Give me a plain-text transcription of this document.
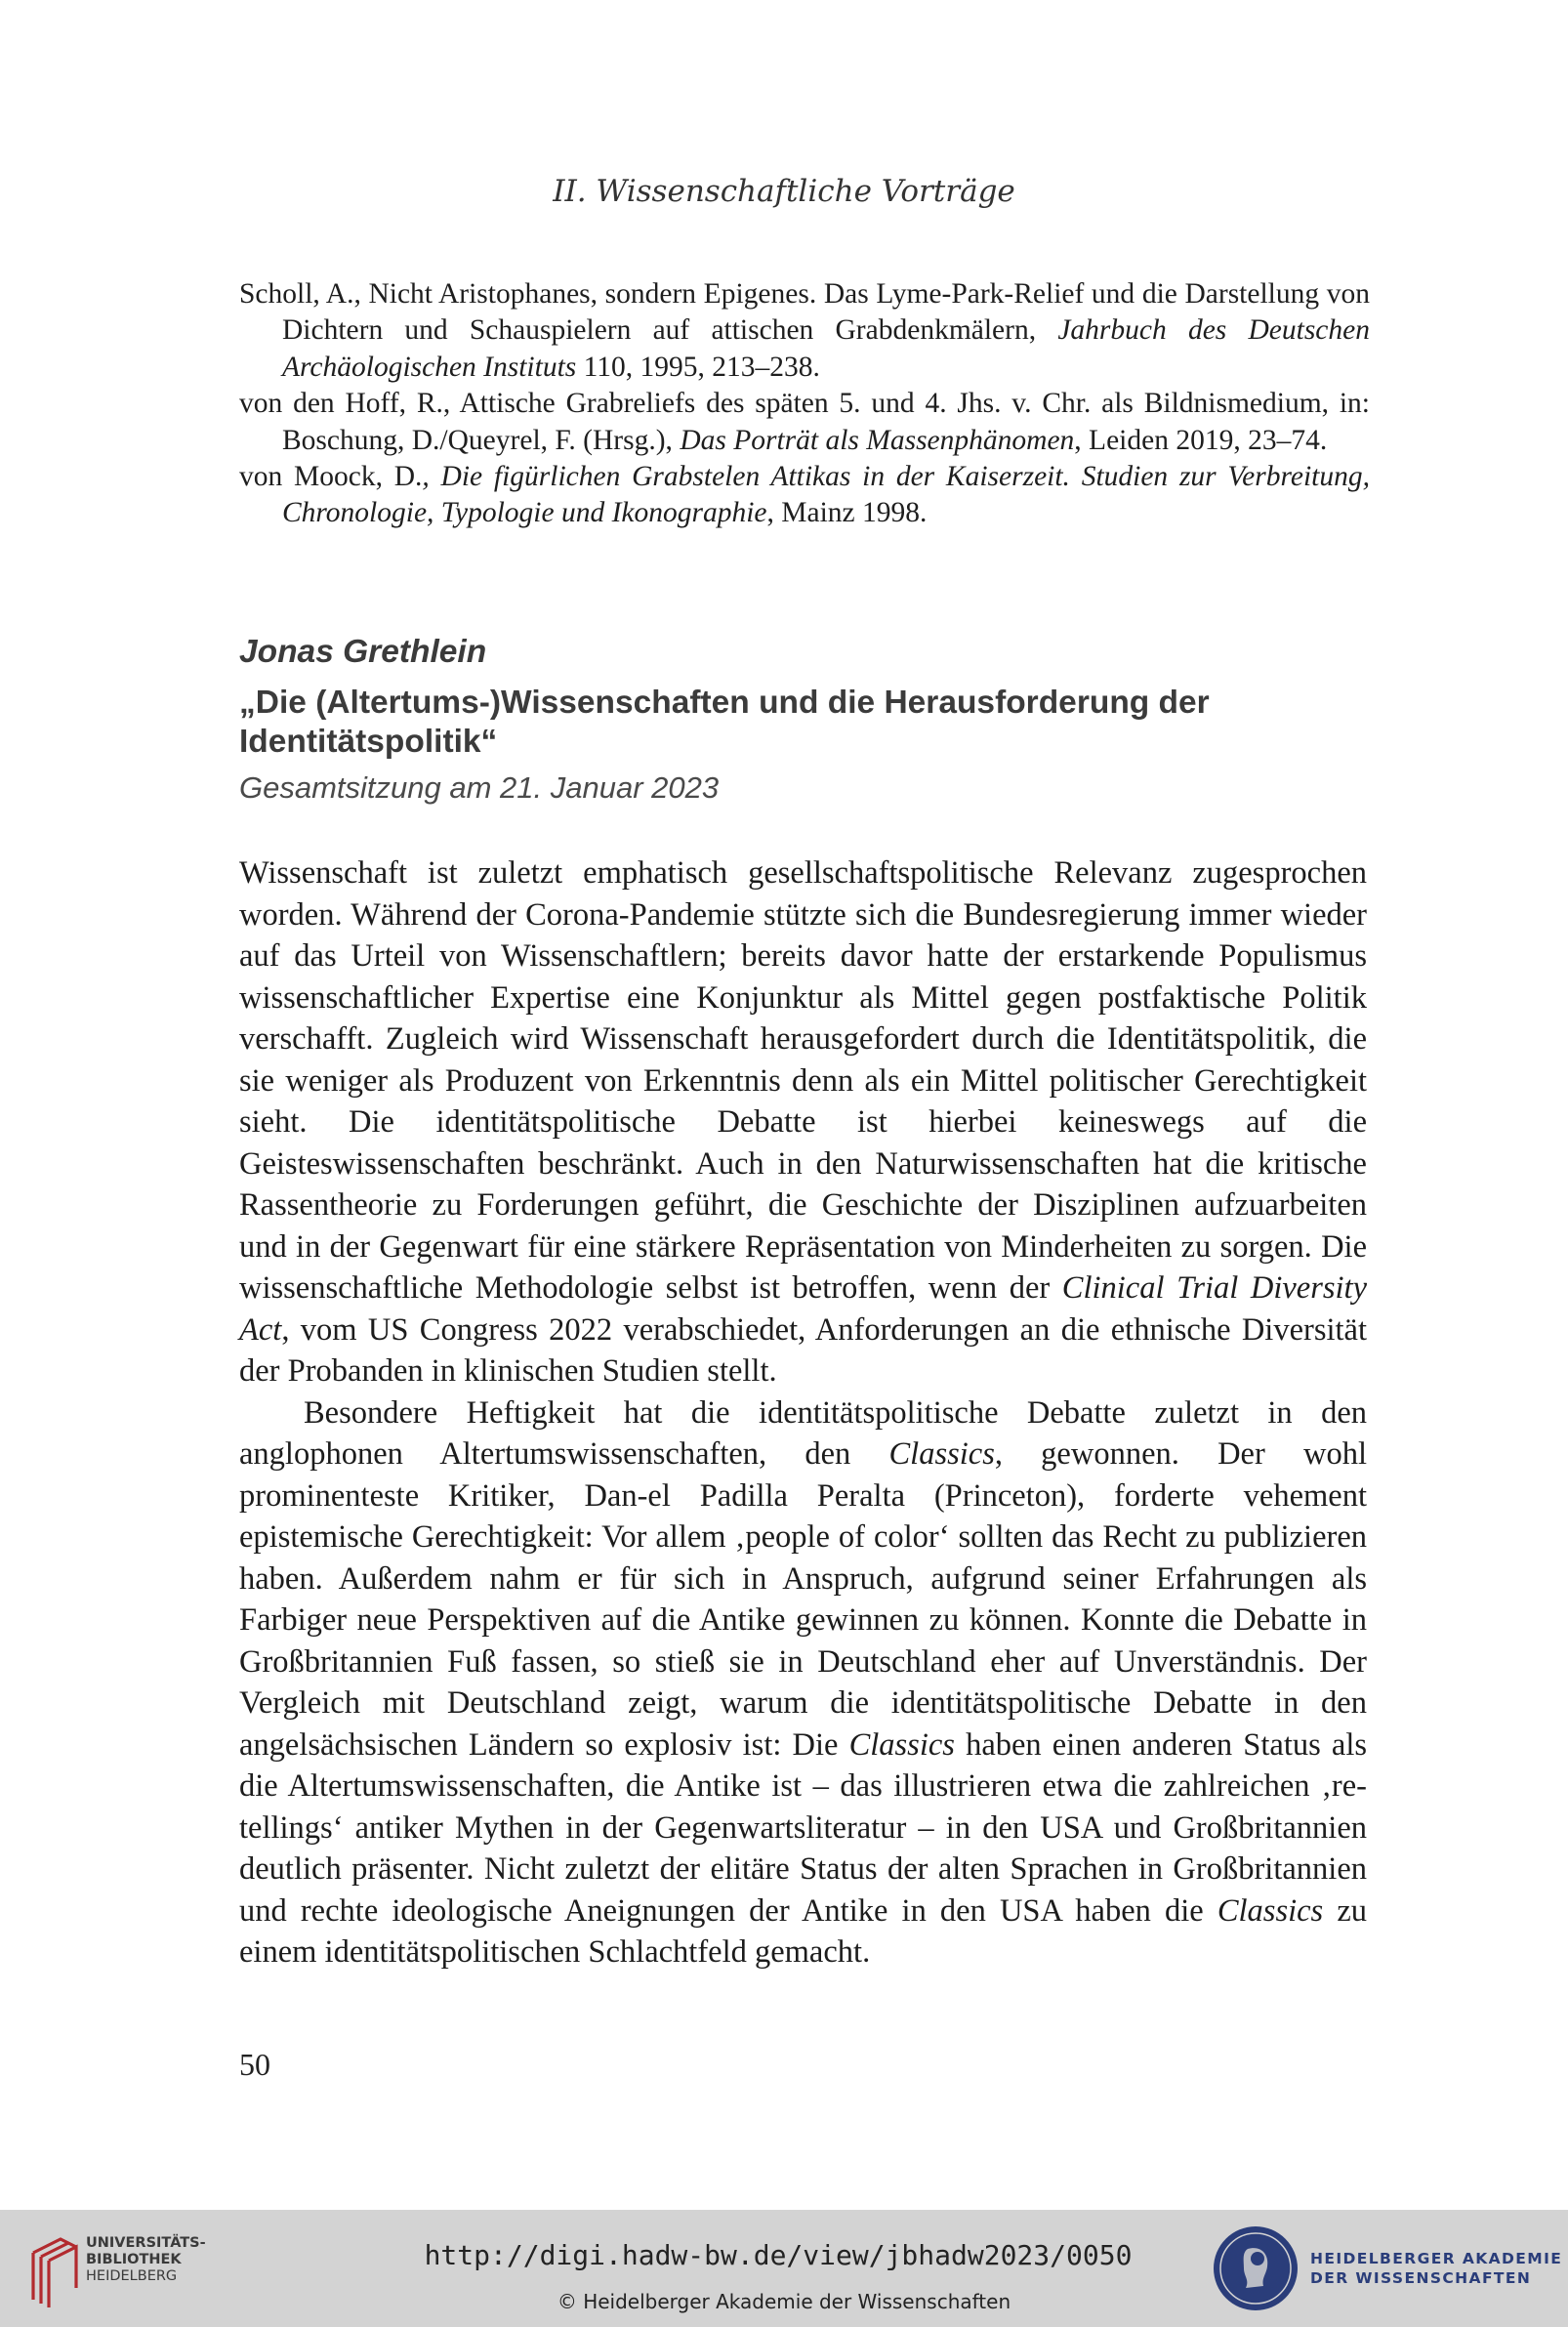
II. Wissenschaftliche Vorträge
Scholl, A., Nicht Aristophanes, sondern Epigenes. Das Lyme-Park-Relief und die Darstellung von Dichtern und Schauspielern auf attischen Grabdenkmälern, Jahrbuch des Deutschen Archäologischen Instituts 110, 1995, 213–238.
von den Hoff, R., Attische Grabreliefs des späten 5. und 4. Jhs. v. Chr. als Bildnismedium, in: Boschung, D./Queyrel, F. (Hrsg.), Das Porträt als Massenphänomen, Leiden 2019, 23–74.
von Moock, D., Die figürlichen Grabstelen Attikas in der Kaiserzeit. Studien zur Verbreitung, Chronologie, Typologie und Ikonographie, Mainz 1998.
Jonas Grethlein
„Die (Altertums-)Wissenschaften und die Herausforderung der Identitätspolitik“
Gesamtsitzung am 21. Januar 2023

Wissenschaft ist zuletzt emphatisch gesellschaftspolitische Relevanz zugesprochen worden. Während der Corona-Pandemie stützte sich die Bundesregierung immer wieder auf das Urteil von Wissenschaftlern; bereits davor hatte der erstarkende Populismus wissenschaftlicher Expertise eine Konjunktur als Mittel gegen postfaktische Politik verschafft. Zugleich wird Wissenschaft herausgefordert durch die Identitätspolitik, die sie weniger als Produzent von Erkenntnis denn als ein Mittel politischer Gerechtigkeit sieht. Die identitätspolitische Debatte ist hierbei keineswegs auf die Geisteswissenschaften beschränkt. Auch in den Naturwissenschaften hat die kritische Rassentheorie zu Forderungen geführt, die Geschichte der Disziplinen aufzuarbeiten und in der Gegenwart für eine stärkere Repräsentation von Minderheiten zu sorgen. Die wissenschaftliche Methodologie selbst ist betroffen, wenn der Clinical Trial Diversity Act, vom US Congress 2022 verabschiedet, Anforderungen an die ethnische Diversität der Probanden in klinischen Studien stellt.

Besondere Heftigkeit hat die identitätspolitische Debatte zuletzt in den anglophonen Altertumswissenschaften, den Classics, gewonnen. Der wohl prominenteste Kritiker, Dan-el Padilla Peralta (Princeton), forderte vehement epistemische Gerechtigkeit: Vor allem ‚people of color‘ sollten das Recht zu publizieren haben. Außerdem nahm er für sich in Anspruch, aufgrund seiner Erfahrungen als Farbiger neue Perspektiven auf die Antike gewinnen zu können. Konnte die Debatte in Großbritannien Fuß fassen, so stieß sie in Deutschland eher auf Unverständnis. Der Vergleich mit Deutschland zeigt, warum die identitätspolitische Debatte in den angelsächsischen Ländern so explosiv ist: Die Classics haben einen anderen Status als die Altertumswissenschaften, die Antike ist – das illustrieren etwa die zahlreichen ‚re-tellings‘ antiker Mythen in der Gegenwartsliteratur – in den USA und Großbritannien deutlich präsenter. Nicht zuletzt der elitäre Status der alten Sprachen in Großbritannien und rechte ideologische Aneignungen der Antike in den USA haben die Classics zu einem identitätspolitischen Schlachtfeld gemacht.

50
UNIVERSITÄTS-
BIBLIOTHEK
HEIDELBERG
http://digi.hadw-bw.de/view/jbhadw2023/0050
© Heidelberger Akademie der Wissenschaften
HEIDELBERGER AKADEMIE
DER WISSENSCHAFTEN
